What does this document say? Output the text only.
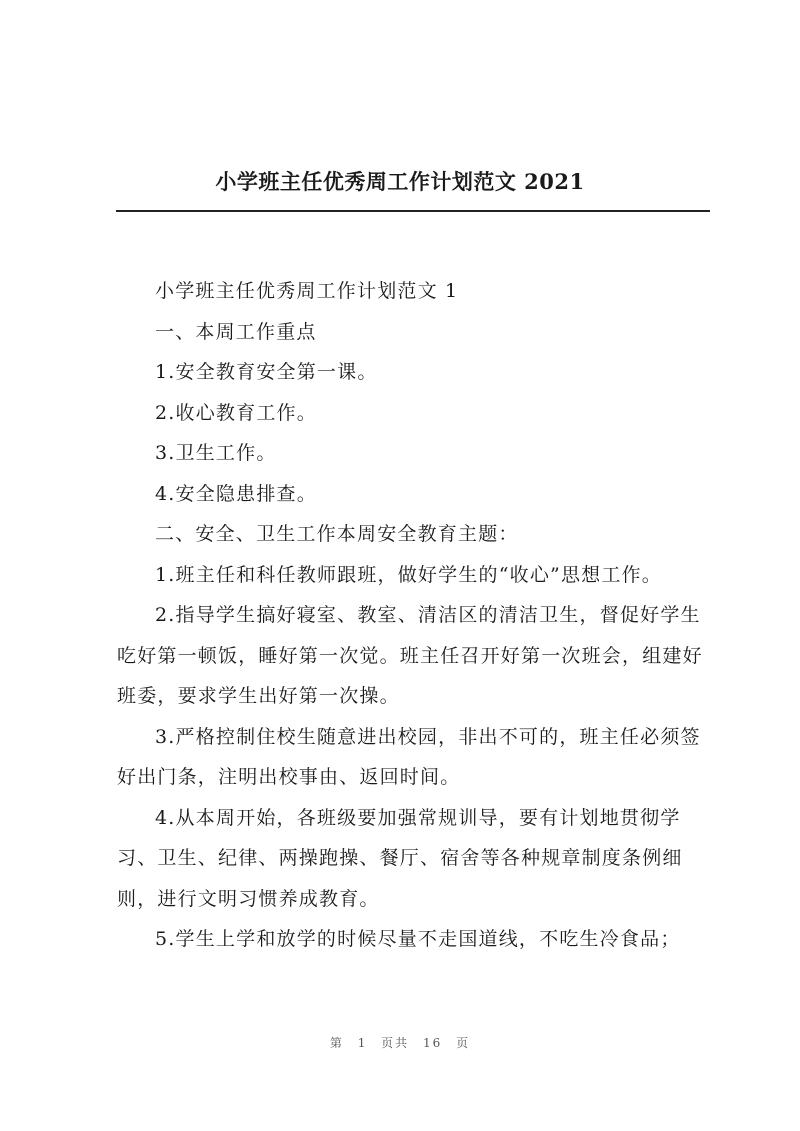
小学班主任优秀周工作计划范文 2021

小学班主任优秀周工作计划范文 1

一、本周工作重点

1.安全教育安全第一课。

2.收心教育工作。

3.卫生工作。

4.安全隐患排查。

二、安全、卫生工作本周安全教育主题：

1.班主任和科任教师跟班，做好学生的“收心”思想工作。

2.指导学生搞好寝室、教室、清洁区的清洁卫生，督促好学生吃好第一顿饭，睡好第一次觉。班主任召开好第一次班会，组建好班委，要求学生出好第一次操。

3.严格控制住校生随意进出校园，非出不可的，班主任必须签好出门条，注明出校事由、返回时间。

4.从本周开始，各班级要加强常规训导，要有计划地贯彻学习、卫生、纪律、两操跑操、餐厅、宿舍等各种规章制度条例细则，进行文明习惯养成教育。

5.学生上学和放学的时候尽量不走国道线，不吃生冷食品；

第 1 页共 16 页
